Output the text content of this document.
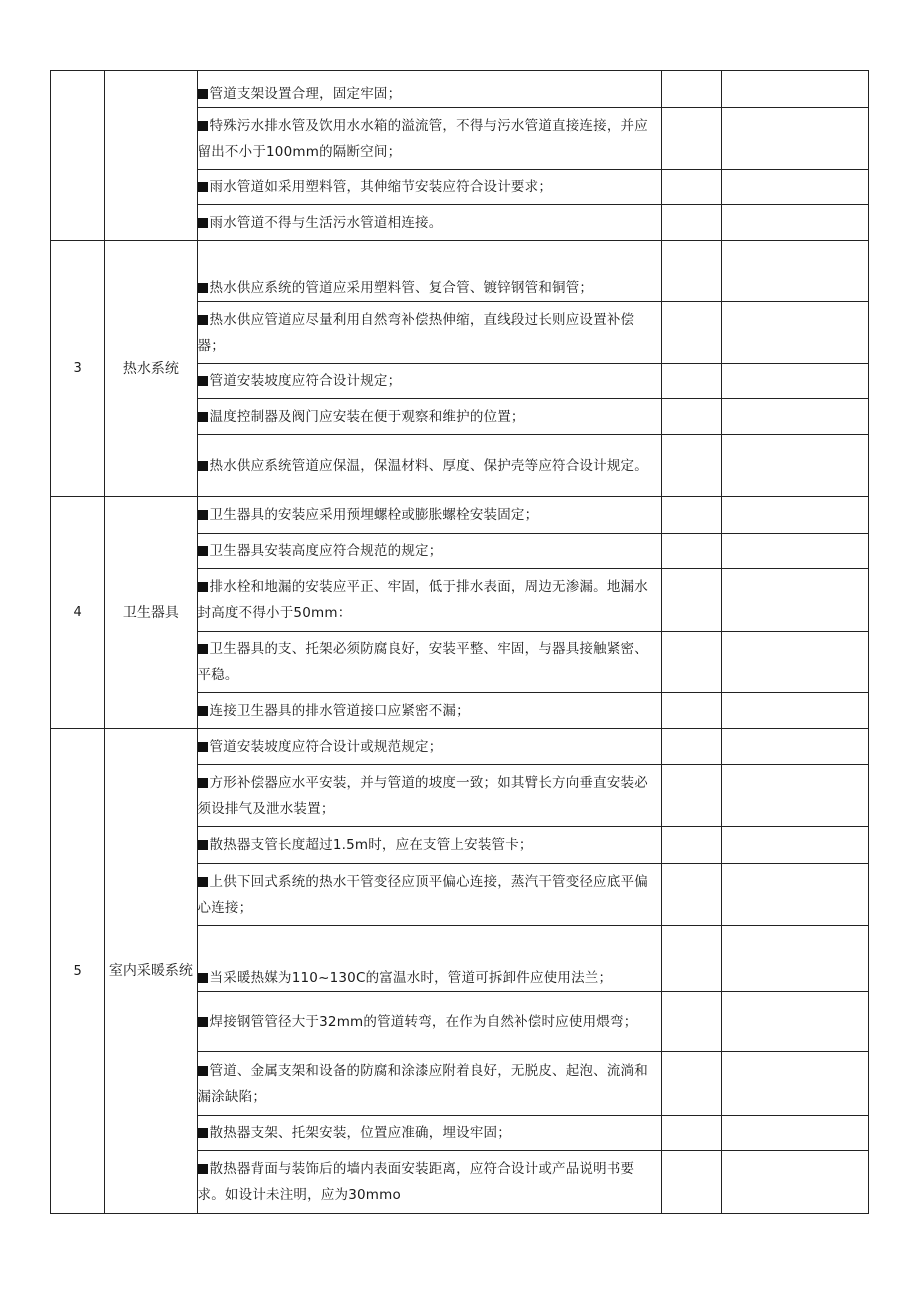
		管道支架设置合理，固定牢固；		
		特殊污水排水管及饮用水水箱的溢流管，不得与污水管道直接连接，并应留出不小于100mm的隔断空间；		
		雨水管道如采用塑料管，其伸缩节安装应符合设计要求；		
		雨水管道不得与生活污水管道相连接。		
3	热水系统	热水供应系统的管道应采用塑料管、复合管、镀锌钢管和铜管；		
		热水供应管道应尽量利用自然弯补偿热伸缩，直线段过长则应设置补偿器；		
		管道安装坡度应符合设计规定；		
		温度控制器及阀门应安装在便于观察和维护的位置；		
		热水供应系统管道应保温，保温材料、厚度、保护壳等应符合设计规定。		
4	卫生器具	卫生器具的安装应采用预埋螺栓或膨胀螺栓安装固定；		
		卫生器具安装高度应符合规范的规定；		
		排水栓和地漏的安装应平正、牢固，低于排水表面，周边无渗漏。地漏水封高度不得小于50mm：		
		卫生器具的支、托架必须防腐良好，安装平整、牢固，与器具接触紧密、平稳。		
		连接卫生器具的排水管道接口应紧密不漏；		
5	室内采暖系统	管道安装坡度应符合设计或规范规定；		
		方形补偿器应水平安装，并与管道的坡度一致；如其臂长方向垂直安装必须设排气及泄水装置；		
		散热器支管长度超过1.5m时，应在支管上安装管卡；		
		上供下回式系统的热水干管变径应顶平偏心连接，蒸汽干管变径应底平偏心连接；		
		当采暖热媒为110~130C的富温水时，管道可拆卸件应使用法兰；		
		焊接钢管管径大于32mm的管道转弯，在作为自然补偿时应使用煨弯；		
		管道、金属支架和设备的防腐和涂漆应附着良好，无脱皮、起泡、流淌和漏涂缺陷；		
		散热器支架、托架安装，位置应准确，埋设牢固；		
		散热器背面与装饰后的墙内表面安装距离，应符合设计或产品说明书要求。如设计未注明，应为30mmo		
